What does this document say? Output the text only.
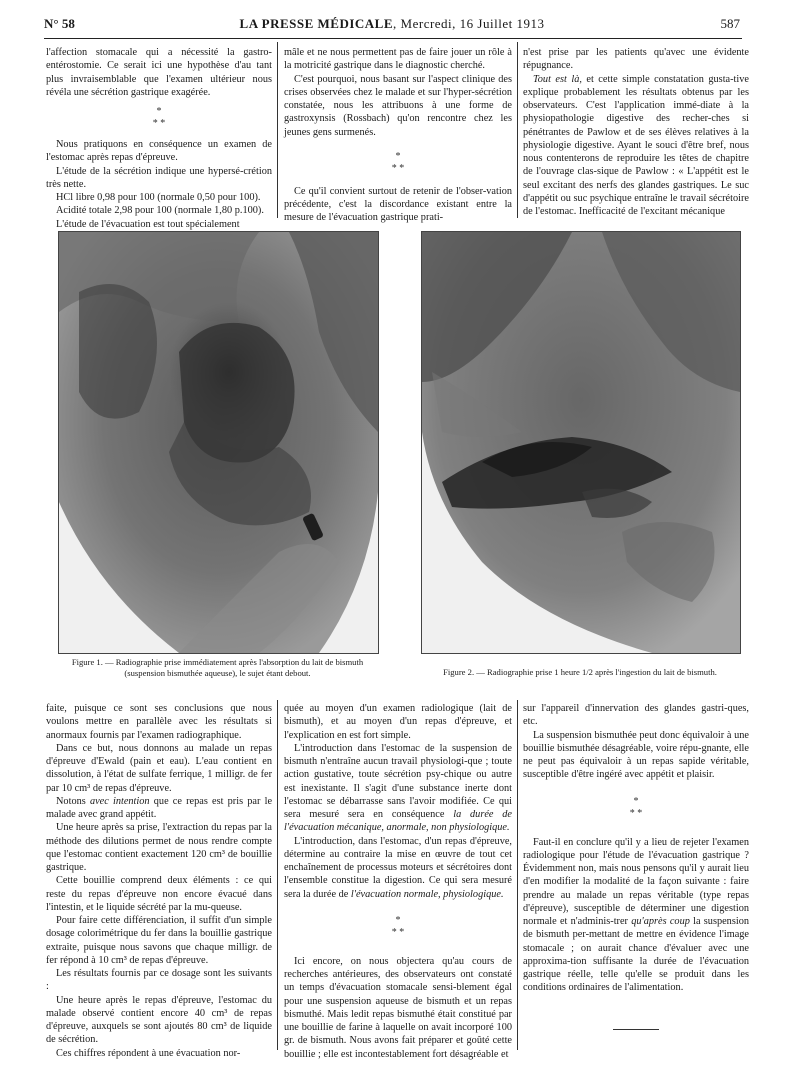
N° 58	LA PRESSE MÉDICALE, Mercredi, 16 Juillet 1913	587

l'affection stomacale qui a nécessité la gastro-entérostomie. Ce serait ici une hypothèse d'au tant plus invraisemblable que l'examen ultérieur nous révéla une sécrétion gastrique exagérée.

*
* *

Nous pratiquons en conséquence un examen de l'estomac après repas d'épreuve.

L'étude de la sécrétion indique une hypersé-crétion très nette.

HCl libre 0,98 pour 100 (normale 0,50 pour 100).

Acidité totale 2,98 pour 100 (normale 1,80 p.100).

L'étude de l'évacuation est tout spécialement

mâle et ne nous permettent pas de faire jouer un rôle à la motricité gastrique dans le diagnostic cherché.

C'est pourquoi, nous basant sur l'aspect clinique des crises observées chez le malade et sur l'hyper-sécrétion constatée, nous les attribuons à une forme de gastroxynsis (Rossbach) qu'on rencontre chez les jeunes gens surmenés.

*
* *

Ce qu'il convient surtout de retenir de l'obser-vation précédente, c'est la discordance existant entre la mesure de l'évacuation gastrique prati-

n'est prise par les patients qu'avec une évidente répugnance.

Tout est là, et cette simple constatation gusta-tive explique probablement les résultats obtenus par les observateurs. C'est l'application immé-diate à la physiopathologie digestive des recher-ches si pénétrantes de Pawlow et de ses élèves relatives à la physiologie digestive. Ayant le souci d'être bref, nous nous contenterons de reproduire les têtes de chapitre de l'ouvrage clas-sique de Pawlow : « L'appétit est le seul excitant des nerfs des glandes gastriques. Le suc d'appétit ou suc psychique entraîne le travail sécrétoire de l'estomac. Inefficacité de l'excitant mécanique

Figure 1. — Radiographie prise immédiatement après l'absorption du lait de bismuth (suspension bismuthée aqueuse), le sujet étant debout.	Figure 2. — Radiographie prise 1 heure 1/2 après l'ingestion du lait de bismuth.

faite, puisque ce sont ses conclusions que nous voulons mettre en parallèle avec les résultats si anormaux fournis par l'examen radiographique.

Dans ce but, nous donnons au malade un repas d'épreuve d'Ewald (pain et eau). L'eau contient en dissolution, à l'état de sulfate ferrique, 1 milligr. de fer par 10 cm³ de repas d'épreuve.

Notons avec intention que ce repas est pris par le malade avec grand appétit.

Une heure après sa prise, l'extraction du repas par la méthode des dilutions permet de nous rendre compte que l'estomac contient exactement 120 cm³ de bouillie gastrique.

Cette bouillie comprend deux éléments : ce qui reste du repas d'épreuve non encore évacué dans l'intestin, et le liquide sécrété par la mu-queuse.

Pour faire cette différenciation, il suffit d'un simple dosage colorimétrique du fer dans la bouillie gastrique extraite, puisque nous savons que chaque milligr. de fer répond à 10 cm³ de repas d'épreuve.

Les résultats fournis par ce dosage sont les suivants :

Une heure après le repas d'épreuve, l'estomac du malade observé contient encore 40 cm³ de repas d'épreuve, auxquels se sont ajoutés 80 cm³ de liquide de sécrétion.

Ces chiffres répondent à une évacuation nor-

quée au moyen d'un examen radiologique (lait de bismuth), et au moyen d'un repas d'épreuve, et l'explication en est fort simple.

L'introduction dans l'estomac de la suspension de bismuth n'entraîne aucun travail physiologi-que ; toute action gustative, toute sécrétion psy-chique ou autre est inexistante. Il s'agit d'une substance inerte dont l'estomac se débarrasse sans l'avoir modifiée. Ce qui sera mesuré sera en conséquence la durée de l'évacuation mécanique, anormale, non physiologique.

L'introduction, dans l'estomac, d'un repas d'épreuve, détermine au contraire la mise en œuvre de tout cet enchaînement de processus moteurs et sécrétoires dont l'ensemble constitue la digestion. Ce qui sera mesuré sera la durée de l'évacuation normale, physiologique.

*
* *

Ici encore, on nous objectera qu'au cours de recherches antérieures, des observateurs ont constaté un temps d'évacuation stomacale sensi-blement égal pour une suspension aqueuse de bismuth et un repas bismuthé. Mais ledit repas bismuthé était constitué par une bouillie de farine à laquelle on avait incorporé 100 gr. de bismuth. Nous avons fait préparer et goûté cette bouillie ; elle est incontestablement fort désagréable et

sur l'appareil d'innervation des glandes gastri-ques, etc.

La suspension bismuthée peut donc équivaloir à une bouillie bismuthée désagréable, voire répu-gnante, elle ne peut pas équivaloir à un repas sapide véritable, susceptible d'être ingéré avec appétit et plaisir.

*
* *

Faut-il en conclure qu'il y a lieu de rejeter l'examen radiologique pour l'étude de l'évacuation gastrique ? Évidemment non, mais nous pensons qu'il y aurait lieu d'en modifier la modalité de la façon suivante : faire prendre au malade un repas véritable (type repas d'épreuve), susceptible de déterminer une digestion normale et n'adminis-trer qu'après coup la suspension de bismuth per-mettant de mettre en évidence l'image stomacale ; on aurait chance d'évaluer avec une approxima-tion suffisante la durée de l'évacuation gastrique réelle, telle qu'elle se produit dans les conditions ordinaires de l'alimentation.
